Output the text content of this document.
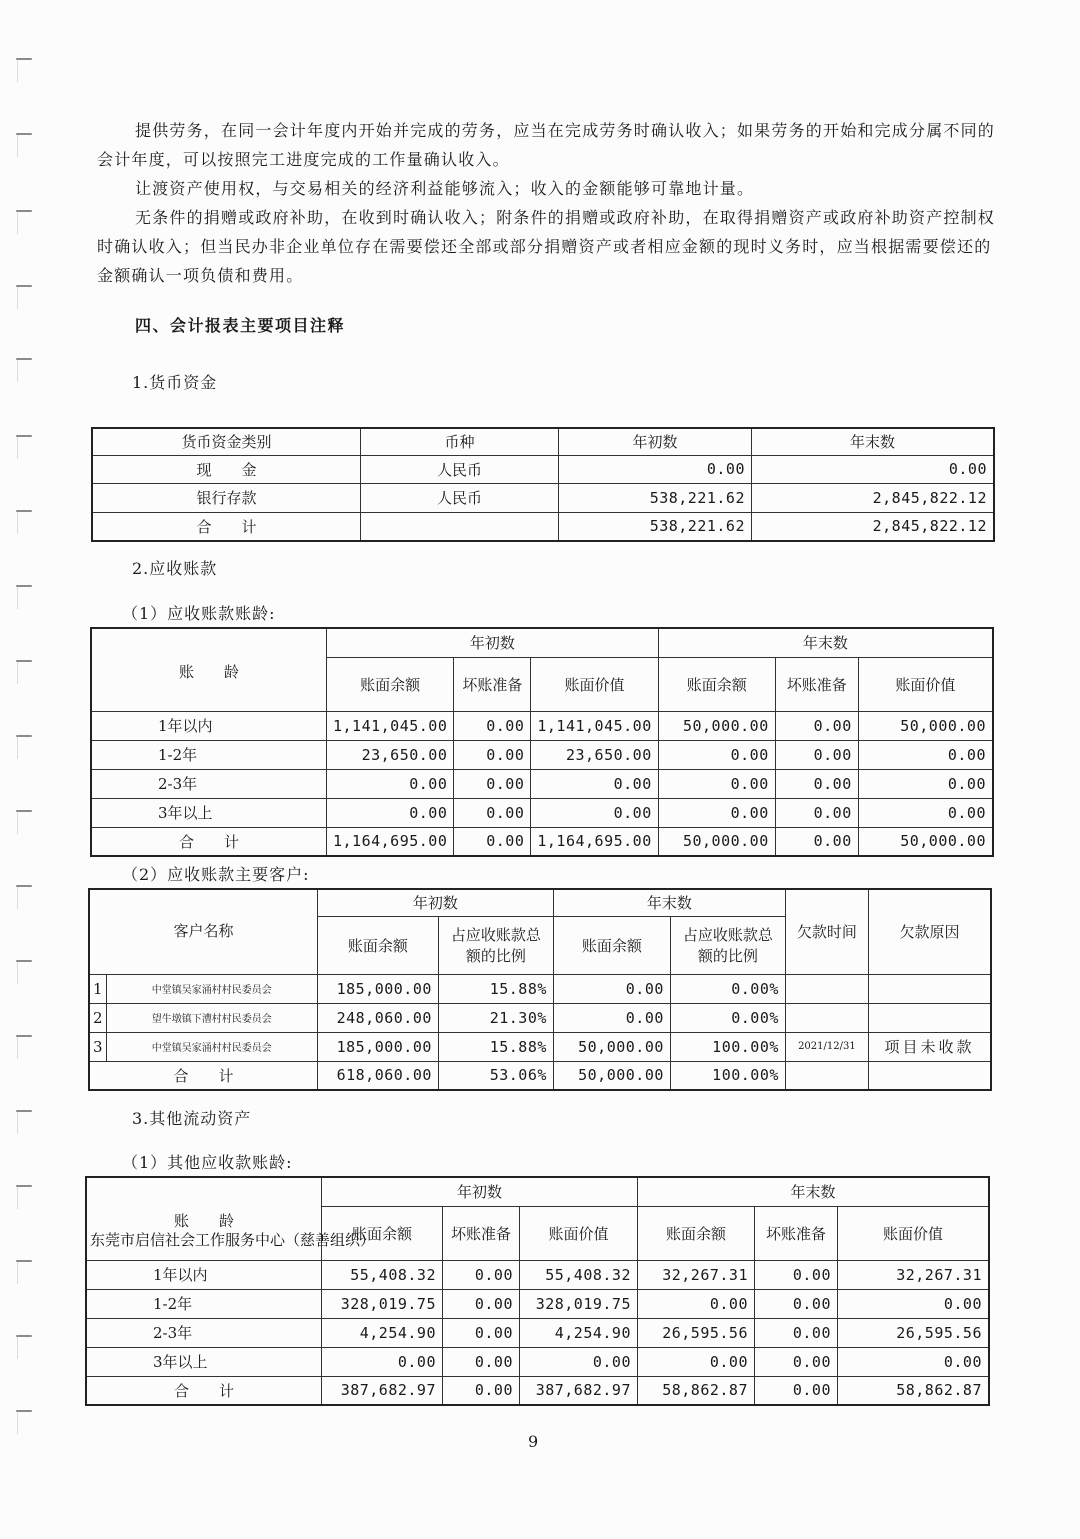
提供劳务，在同一会计年度内开始并完成的劳务，应当在完成劳务时确认收入；如果劳务的开始和完成分属不同的会计年度，可以按照完工进度完成的工作量确认收入。

让渡资产使用权，与交易相关的经济利益能够流入；收入的金额能够可靠地计量。

无条件的捐赠或政府补助，在收到时确认收入；附条件的捐赠或政府补助，在取得捐赠资产或政府补助资产控制权时确认收入；但当民办非企业单位存在需要偿还全部或部分捐赠资产或者相应金额的现时义务时，应当根据需要偿还的金额确认一项负债和费用。

四、会计报表主要项目注释
1.货币资金
货币资金类别	币种	年初数	年末数
现　　金	人民币	0.00	0.00
银行存款	人民币	538,221.62	2,845,822.12
合　　计		538,221.62	2,845,822.12
2.应收账款
（1）应收账款账龄:
账　　龄	年初数			年末数		
	账面余额	坏账准备	账面价值	账面余额	坏账准备	账面价值
1年以内	1,141,045.00	0.00	1,141,045.00	50,000.00	0.00	50,000.00
1-2年	23,650.00	0.00	23,650.00	0.00	0.00	0.00
2-3年	0.00	0.00	0.00	0.00	0.00	0.00
3年以上	0.00	0.00	0.00	0.00	0.00	0.00
合　　计	1,164,695.00	0.00	1,164,695.00	50,000.00	0.00	50,000.00
（2）应收账款主要客户:
客户名称		年初数		年末数		欠款时间	欠款原因
		账面余额	占应收账款总额的比例	账面余额	占应收账款总额的比例		
1	中堂镇吴家涌村村民委员会	185,000.00	15.88%	0.00	0.00%		
2	望牛墩镇下漕村村民委员会	248,060.00	21.30%	0.00	0.00%		
3	中堂镇吴家涌村村民委员会	185,000.00	15.88%	50,000.00	100.00%	2021/12/31	项目未收款
合　　计		618,060.00	53.06%	50,000.00	100.00%		
3.其他流动资产
（1）其他应收款账龄:
账　　龄	年初数			年末数		
	账面余额	坏账准备	账面价值	账面余额	坏账准备	账面价值
1年以内	55,408.32	0.00	55,408.32	32,267.31	0.00	32,267.31
1-2年	328,019.75	0.00	328,019.75	0.00	0.00	0.00
2-3年	4,254.90	0.00	4,254.90	26,595.56	0.00	26,595.56
3年以上	0.00	0.00	0.00	0.00	0.00	0.00
合　　计	387,682.97	0.00	387,682.97	58,862.87	0.00	58,862.87
东莞市启信社会工作服务中心（慈善组织）
9
